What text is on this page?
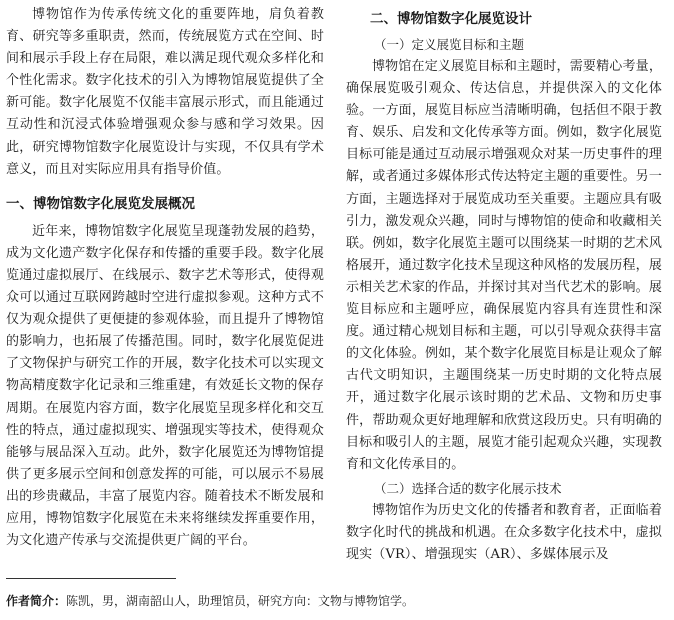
博物馆作为传承传统文化的重要阵地，肩负着教育、研究等多重职责，然而，传统展览方式在空间、时间和展示手段上存在局限，难以满足现代观众多样化和个性化需求。数字化技术的引入为博物馆展览提供了全新可能。数字化展览不仅能丰富展示形式，而且能通过互动性和沉浸式体验增强观众参与感和学习效果。因此，研究博物馆数字化展览设计与实现，不仅具有学术意义，而且对实际应用具有指导价值。

一、博物馆数字化展览发展概况

近年来，博物馆数字化展览呈现蓬勃发展的趋势，成为文化遗产数字化保存和传播的重要手段。数字化展览通过虚拟展厅、在线展示、数字艺术等形式，使得观众可以通过互联网跨越时空进行虚拟参观。这种方式不仅为观众提供了更便捷的参观体验，而且提升了博物馆的影响力，也拓展了传播范围。同时，数字化展览促进了文物保护与研究工作的开展，数字化技术可以实现文物高精度数字化记录和三维重建，有效延长文物的保存周期。在展览内容方面，数字化展览呈现多样化和交互性的特点，通过虚拟现实、增强现实等技术，使得观众能够与展品深入互动。此外，数字化展览还为博物馆提供了更多展示空间和创意发挥的可能，可以展示不易展出的珍贵藏品，丰富了展览内容。随着技术不断发展和应用，博物馆数字化展览在未来将继续发挥重要作用，为文化遗产传承与交流提供更广阔的平台。

二、博物馆数字化展览设计
（一）定义展览目标和主题

博物馆在定义展览目标和主题时，需要精心考量，确保展览吸引观众、传达信息，并提供深入的文化体验。一方面，展览目标应当清晰明确，包括但不限于教育、娱乐、启发和文化传承等方面。例如，数字化展览目标可能是通过互动展示增强观众对某一历史事件的理解，或者通过多媒体形式传达特定主题的重要性。另一方面，主题选择对于展览成功至关重要。主题应具有吸引力，激发观众兴趣，同时与博物馆的使命和收藏相关联。例如，数字化展览主题可以围绕某一时期的艺术风格展开，通过数字化技术呈现这种风格的发展历程，展示相关艺术家的作品，并探讨其对当代艺术的影响。展览目标应和主题呼应，确保展览内容具有连贯性和深度。通过精心规划目标和主题，可以引导观众获得丰富的文化体验。例如，某个数字化展览目标是让观众了解古代文明知识，主题围绕某一历史时期的文化特点展开，通过数字化展示该时期的艺术品、文物和历史事件，帮助观众更好地理解和欣赏这段历史。只有明确的目标和吸引人的主题，展览才能引起观众兴趣，实现教育和文化传承目的。

（二）选择合适的数字化展示技术

博物馆作为历史文化的传播者和教育者，正面临着数字化时代的挑战和机遇。在众多数字化技术中，虚拟现实（VR）、增强现实（AR）、多媒体展示及

作者简介：陈凯，男，湖南韶山人，助理馆员，研究方向：文物与博物馆学。
